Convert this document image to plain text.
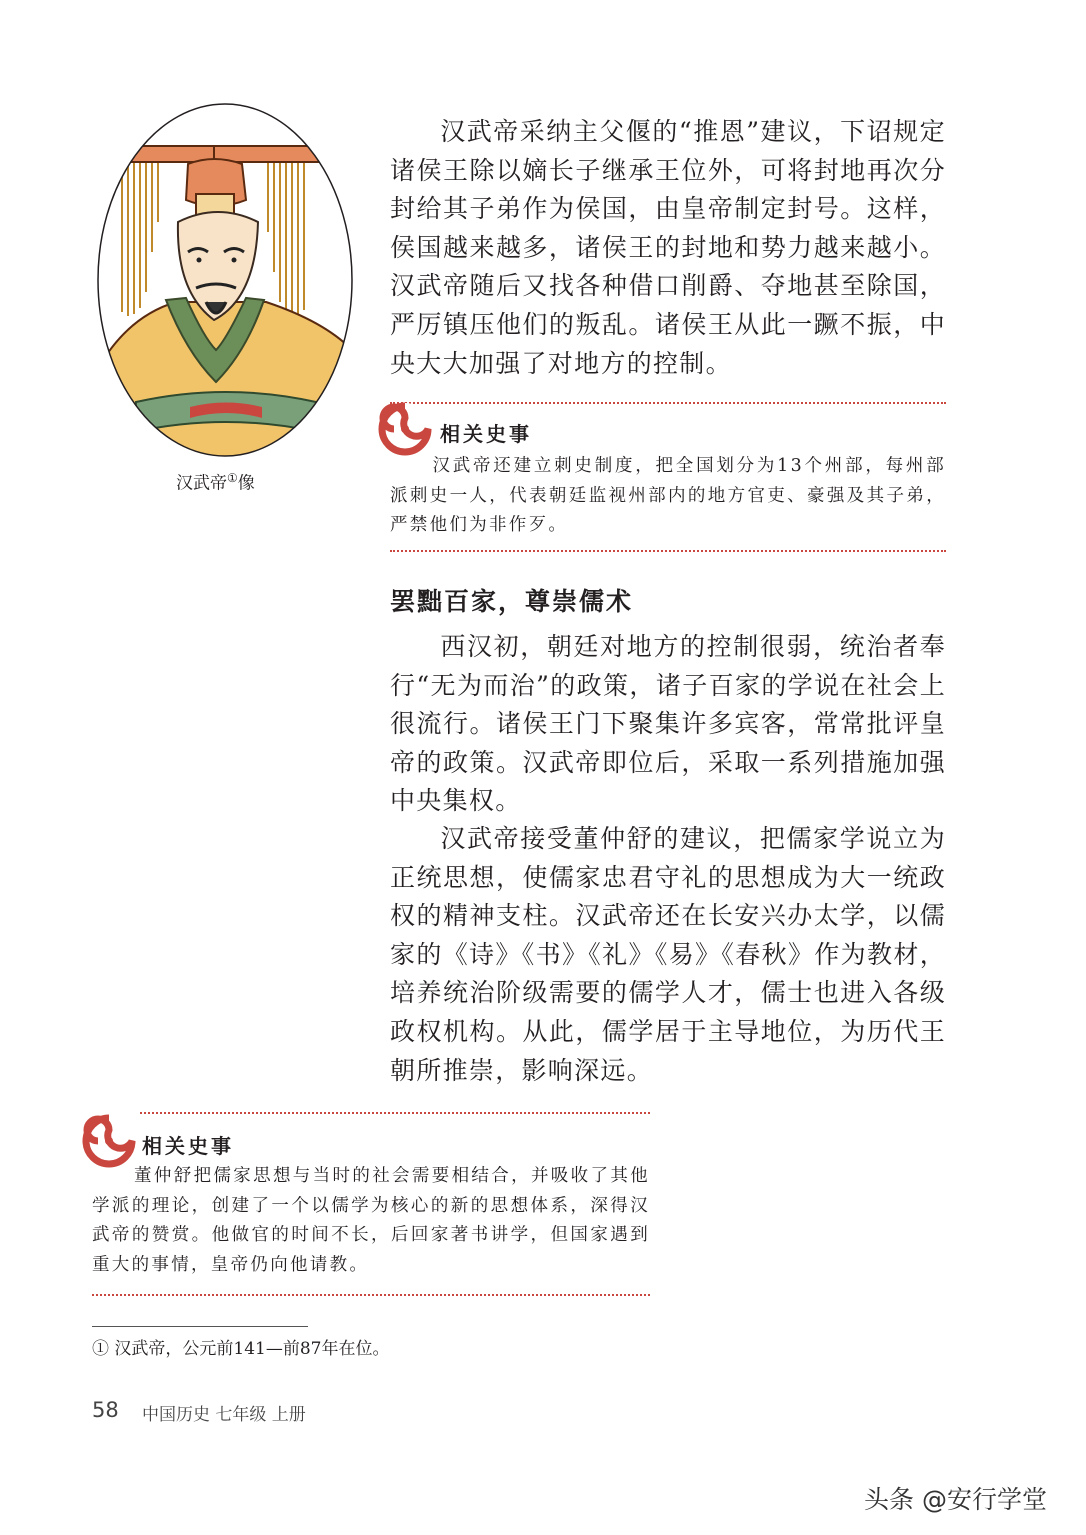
汉武帝①像
汉武帝采纳主父偃的“推恩”建议，下诏规定诸侯王除以嫡长子继承王位外，可将封地再次分封给其子弟作为侯国，由皇帝制定封号。这样，侯国越来越多，诸侯王的封地和势力越来越小。汉武帝随后又找各种借口削爵、夺地甚至除国，严厉镇压他们的叛乱。诸侯王从此一蹶不振，中央大大加强了对地方的控制。
相关史事
汉武帝还建立刺史制度，把全国划分为13个州部，每州部派刺史一人，代表朝廷监视州部内的地方官吏、豪强及其子弟，严禁他们为非作歹。
罢黜百家，尊崇儒术
西汉初，朝廷对地方的控制很弱，统治者奉行“无为而治”的政策，诸子百家的学说在社会上很流行。诸侯王门下聚集许多宾客，常常批评皇帝的政策。汉武帝即位后，采取一系列措施加强中央集权。
汉武帝接受董仲舒的建议，把儒家学说立为正统思想，使儒家忠君守礼的思想成为大一统政权的精神支柱。汉武帝还在长安兴办太学，以儒家的《诗》《书》《礼》《易》《春秋》作为教材，培养统治阶级需要的儒学人才，儒士也进入各级政权机构。从此，儒学居于主导地位，为历代王朝所推崇，影响深远。
相关史事
董仲舒把儒家思想与当时的社会需要相结合，并吸收了其他学派的理论，创建了一个以儒学为核心的新的思想体系，深得汉武帝的赞赏。他做官的时间不长，后回家著书讲学，但国家遇到重大的事情，皇帝仍向他请教。
① 汉武帝，公元前141—前87年在位。
58 中国历史 七年级 上册
头条 @安行学堂
